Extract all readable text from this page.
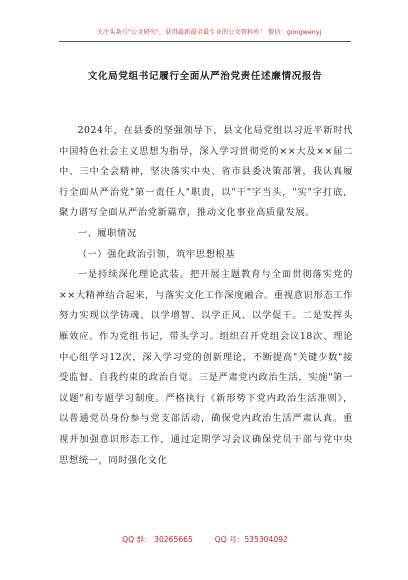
关注头条号"公文研究"，获得最新最全最专业的公文资料库！ 微信：gongwenyj
文化局党组书记履行全面从严治党责任述廉情况报告

2024年，在县委的坚强领导下，县文化局党组以习近平新时代中国特色社会主义思想为指导，深入学习贯彻党的××大及××届二中、三中全会精神，坚决落实中央、省市县委决策部署，我认真履行全面从严治党"第一责任人"职责，以"干"字当头，"实"字打底，聚力谱写全面从严治党新篇章，推动文化事业高质量发展。

一、履职情况

（一）强化政治引领，筑牢思想根基

一是持续深化理论武装。把开展主题教育与全面贯彻落实党的××大精神结合起来，与落实文化工作深度融合。重视意识形态工作努力实现以学铸魂、以学增智、以学正风、以学促干。二是发挥头雁效应。作为党组书记，带头学习。组织召开党组会议18次、理论中心组学习12次，深入学习党的创新理论，不断提高"关键少数"接受监督、自我约束的政治自觉。三是严肃党内政治生活，实施"第一议题"和专题学习制度。严格执行《新形势下党内政治生活准则》，以普通党员身份参与党支部活动，确保党内政治生活严肃认真。重视并加强意识形态工作，通过定期学习会议确保党员干部与党中央思想统一，同时强化文化

QQ 群： 30265665	QQ 号：535304092
